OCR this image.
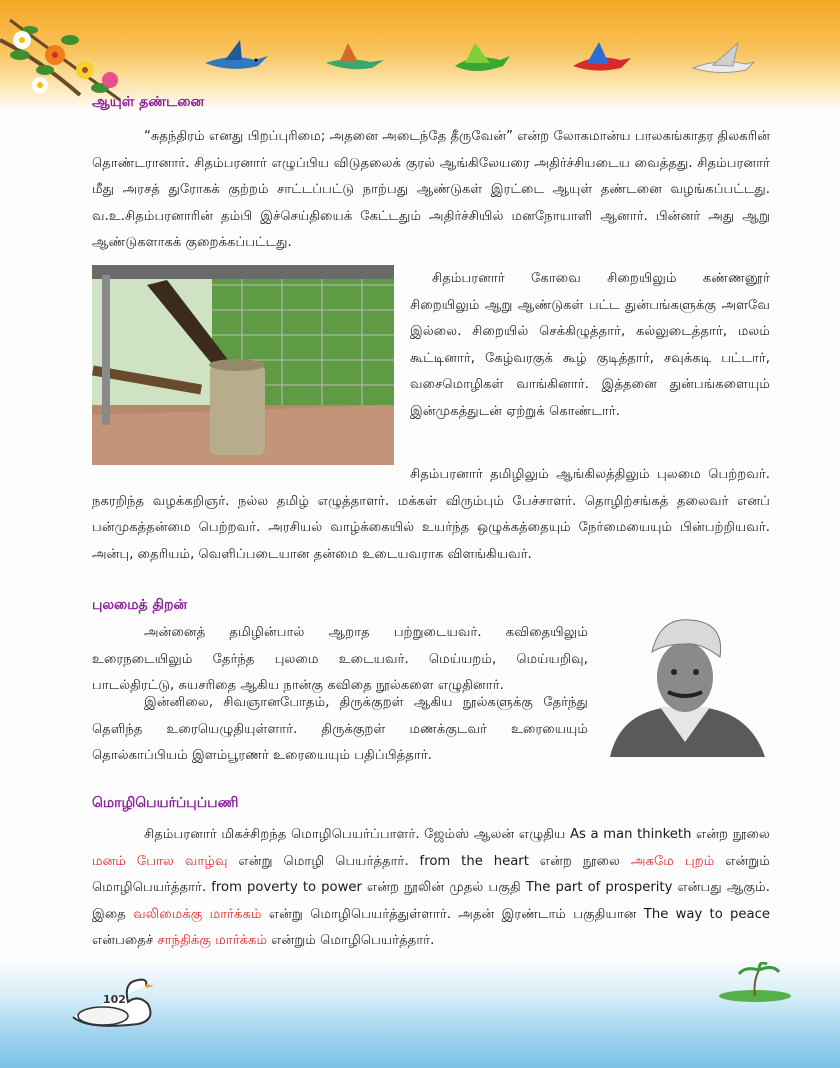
ஆயுள் தண்டனை

“சுதந்திரம் எனது பிறப்புரிமை; அதனை அடைந்தே தீருவேன்” என்ற லோகமான்ய பாலகங்காதர திலகரின் தொண்டரானார். சிதம்பரனார் எழுப்பிய விடுதலைக் குரல் ஆங்கிலேயரை அதிர்ச்சியடைய வைத்தது. சிதம்பரனார் மீது அரசத் துரோகக் குற்றம் சாட்டப்பட்டு நாற்பது ஆண்டுகள் இரட்டை ஆயுள் தண்டனை வழங்கப்பட்டது. வ.உ.சிதம்பரனாரின் தம்பி இச்செய்தியைக் கேட்டதும் அதிர்ச்சியில் மனநோயாளி ஆனார். பின்னர் அது ஆறு ஆண்டுகளாகக் குறைக்கப்பட்டது.

சிதம்பரனார் கோவை சிறையிலும் கண்ணனூர் சிறையிலும் ஆறு ஆண்டுகள் பட்ட துன்பங்களுக்கு அளவே இல்லை. சிறையில் செக்கிழுத்தார், கல்லுடைத்தார், மலம் கூட்டினார், கேழ்வரகுக் கூழ் குடித்தார், சவுக்கடி பட்டார், வசைமொழிகள் வாங்கினார். இத்தனை துன்பங்களையும் இன்முகத்துடன் ஏற்றுக் கொண்டார்.

சிதம்பரனார் தமிழிலும் ஆங்கிலத்திலும் புலமை பெற்றவர். நகரறிந்த வழக்கறிஞர். நல்ல தமிழ் எழுத்தாளர். மக்கள் விரும்பும் பேச்சாளர். தொழிற்சங்கத் தலைவர் எனப் பன்முகத்தன்மை பெற்றவர். அரசியல் வாழ்க்கையில் உயர்ந்த ஒழுக்கத்தையும் நேர்மையையும் பின்பற்றியவர். அன்பு, தைரியம், வெளிப்படையான தன்மை உடையவராக விளங்கியவர்.

புலமைத் திறன்

அன்னைத் தமிழின்பால் ஆறாத பற்றுடையவர். கவிதையிலும் உரைநடையிலும் தேர்ந்த புலமை உடையவர். மெய்யறம், மெய்யறிவு, பாடல்திரட்டு, சுயசரிதை ஆகிய நான்கு கவிதை நூல்களை எழுதினார்.

இன்னிலை, சிவஞானபோதம், திருக்குறள் ஆகிய நூல்களுக்கு தேர்ந்து தெளிந்த உரையெழுதியுள்ளார். திருக்குறள் மணக்குடவர் உரையையும் தொல்காப்பியம் இளம்பூரணர் உரையையும் பதிப்பித்தார்.

மொழிபெயர்ப்புப்பணி

சிதம்பரனார் மிகச்சிறந்த மொழிபெயர்ப்பாளர். ஜேம்ஸ் ஆலன் எழுதிய As a man thinketh என்ற நூலை மனம் போல வாழ்வு என்று மொழி பெயர்த்தார். from the heart என்ற நூலை அகமே புறம் என்றும் மொழிபெயர்த்தார். from poverty to power என்ற நூலின் முதல் பகுதி The part of prosperity என்பது ஆகும். இதை வலிமைக்கு மார்க்கம் என்று மொழிபெயர்த்துள்ளார். அதன் இரண்டாம் பகுதியான The way to peace என்பதைச் சாந்திக்கு மார்க்கம் என்றும் மொழிபெயர்த்தார்.

102
